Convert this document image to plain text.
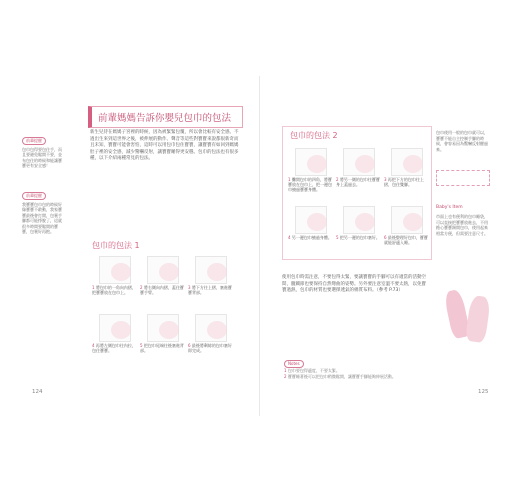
前輩提醒
包巾包得要包住手，而且要避免鬆開不要，並布包住的時候和能讓寶寶更有安全感！
前輩提醒
我寶寶包巾包的時候好像寶寶不敢動，我家寶寶最後會打開，包裹手腳都可能掙脫了，這就很多時間要鬆開的寶寶，包裹好再抱。
前輩媽媽告訴你嬰兒包巾的包法
新生兒待在媽媽子宮裡的時候，因為被緊緊包覆，所以會比較有安全感。不過出生來到這世界之後，被伸展的動作、聲音等這些對寶寶來說都很新奇而且未知，寶寶可能會害怕，這時可以用包巾包住寶寶，讓寶寶有如回到媽媽肚子裡的安全感，減少驚嚇反射，讓寶寶睡得更安穩。包巾的包法也有很多種，以下介紹兩種常見的包法。
包巾的包法 1
1 將包巾的一角向內摺，把寶寶放在包巾上。
2 將右側向內摺，蓋住寶寶手臂。
3 將下方往上摺，塞進寶寶背部。
4 再將左側包巾往內拉，包住寶寶。
5 把包巾尾端往後塞進背部。
6 最後將剩餘的包巾塞好即完成。
124
包巾的包法 2
1 攤開包巾的四角，將寶寶放在包巾上，把一邊包巾繞過寶寶身體。
2 將另一側的包巾往寶寶身上蓋過去。
3 再把下方的包巾往上摺，包住雙腳。
4 另一邊包巾繞過身體。 5 把另一邊的包巾塞好。 6 最後整理好包巾，寶寶就能舒適入睡。
使用包巾時需注意，不要包得太緊，要讓寶寶的手腳可以有適當的活動空間，髖關節也要保持自然彎曲的姿勢。另外要注意室溫不要太熱，以免寶寶過熱，包巾的材質也要選擇透氣的棉質布料。（參考 P.73）
Notes
1 包巾要包得適度，不要太緊。
2 寶寶睡著後可以把包巾稍微鬆開，讓寶寶手腳能夠伸展活動。
包巾使用一般的包巾就可以，寶寶不能自主控制手腳的時候，會容易因為驚嚇反射醒過來。
Baby's Item
市面上也有便利的包巾睡袋，可以直接把寶寶放進去，不用擔心寶寶踢開包巾，使用起來相當方便，但需要注意尺寸。
125
